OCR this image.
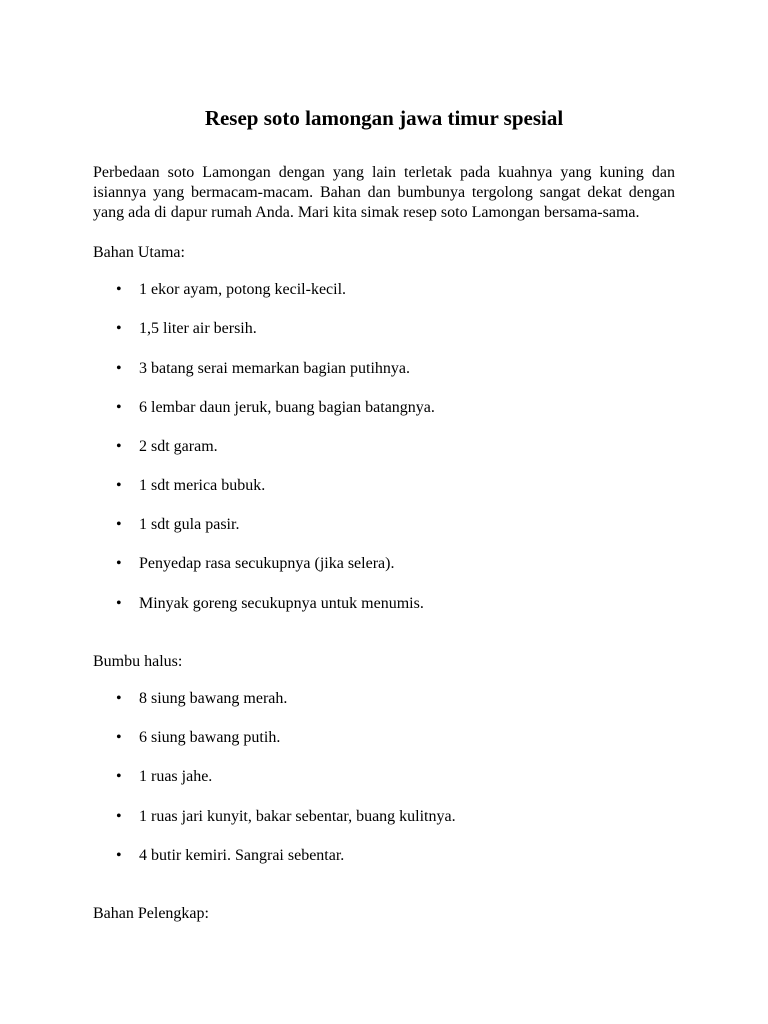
Resep soto lamongan jawa timur spesial

Perbedaan soto Lamongan dengan yang lain terletak pada kuahnya yang kuning dan isiannya yang bermacam-macam. Bahan dan bumbunya tergolong sangat dekat dengan yang ada di dapur rumah Anda. Mari kita simak resep soto Lamongan bersama-sama.

Bahan Utama:

• 1 ekor ayam, potong kecil-kecil.
• 1,5 liter air bersih.
• 3 batang serai memarkan bagian putihnya.
• 6 lembar daun jeruk, buang bagian batangnya.
• 2 sdt garam.
• 1 sdt merica bubuk.
• 1 sdt gula pasir.
• Penyedap rasa secukupnya (jika selera).
• Minyak goreng secukupnya untuk menumis.

Bumbu halus:

• 8 siung bawang merah.
• 6 siung bawang putih.
• 1 ruas jahe.
• 1 ruas jari kunyit, bakar sebentar, buang kulitnya.
• 4 butir kemiri. Sangrai sebentar.

Bahan Pelengkap:
